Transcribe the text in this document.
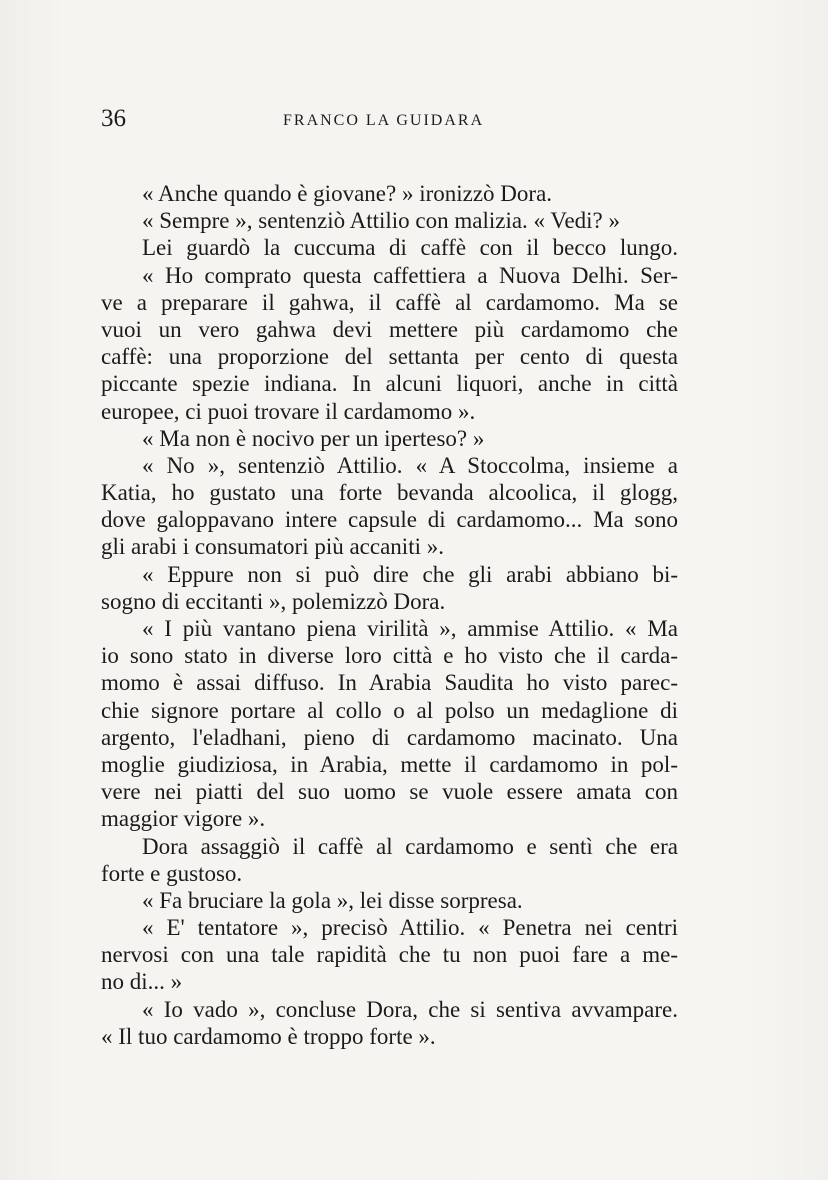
36	FRANCO LA GUIDARA
« Anche quando è giovane? » ironizzò Dora.
« Sempre », sentenziò Attilio con malizia. « Vedi? »
Lei guardò la cuccuma di caffè con il becco lungo.
« Ho comprato questa caffettiera a Nuova Delhi. Ser-
ve a preparare il gahwa, il caffè al cardamomo. Ma se
vuoi un vero gahwa devi mettere più cardamomo che
caffè: una proporzione del settanta per cento di questa
piccante spezie indiana. In alcuni liquori, anche in città
europee, ci puoi trovare il cardamomo ».
« Ma non è nocivo per un iperteso? »
« No », sentenziò Attilio. « A Stoccolma, insieme a
Katia, ho gustato una forte bevanda alcoolica, il glogg,
dove galoppavano intere capsule di cardamomo... Ma sono
gli arabi i consumatori più accaniti ».
« Eppure non si può dire che gli arabi abbiano bi-
sogno di eccitanti », polemizzò Dora.
« I più vantano piena virilità », ammise Attilio. « Ma
io sono stato in diverse loro città e ho visto che il carda-
momo è assai diffuso. In Arabia Saudita ho visto parec-
chie signore portare al collo o al polso un medaglione di
argento, l'eladhani, pieno di cardamomo macinato. Una
moglie giudiziosa, in Arabia, mette il cardamomo in pol-
vere nei piatti del suo uomo se vuole essere amata con
maggior vigore ».
Dora assaggiò il caffè al cardamomo e sentì che era
forte e gustoso.
« Fa bruciare la gola », lei disse sorpresa.
« E' tentatore », precisò Attilio. « Penetra nei centri
nervosi con una tale rapidità che tu non puoi fare a me-
no di... »
« Io vado », concluse Dora, che si sentiva avvampare.
« Il tuo cardamomo è troppo forte ».
